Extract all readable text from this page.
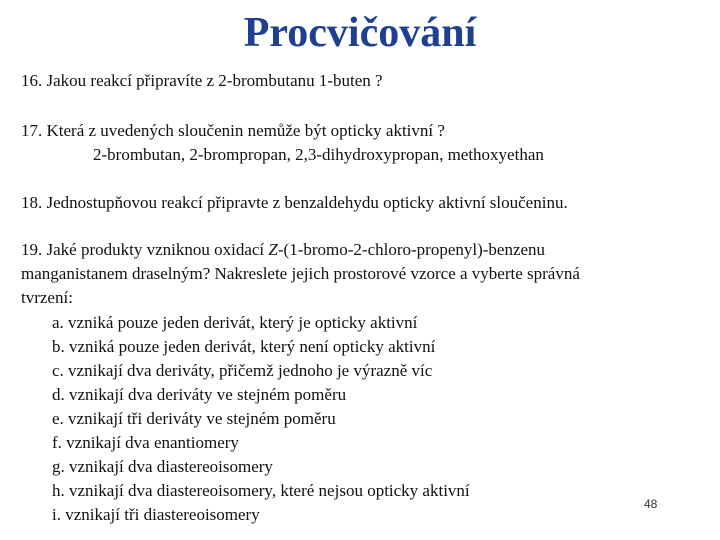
Procvičování
16. Jakou reakcí připravíte z 2-brombutanu 1-buten ?
17. Která z uvedených sloučenin nemůže být opticky aktivní ?
2-brombutan, 2-brompropan, 2,3-dihydroxypropan, methoxyethan
18. Jednostupňovou reakcí připravte z benzaldehydu opticky aktivní sloučeninu.
19. Jaké produkty vzniknou oxidací Z-(1-bromo-2-chloro-propenyl)-benzenu
manganistanem draselným? Nakreslete jejich prostorové vzorce a vyberte správná
tvrzení:
a. vzniká pouze jeden derivát, který je opticky aktivní
b. vzniká pouze jeden derivát, který není opticky aktivní
c. vznikají dva deriváty, přičemž jednoho je výrazně víc
d. vznikají dva deriváty ve stejném poměru
e. vznikají tři deriváty ve stejném poměru
f. vznikají dva enantiomery
g. vznikají dva diastereoisomery
h. vznikají dva diastereoisomery, které nejsou opticky aktivní
i. vznikají tři diastereoisomery
48
